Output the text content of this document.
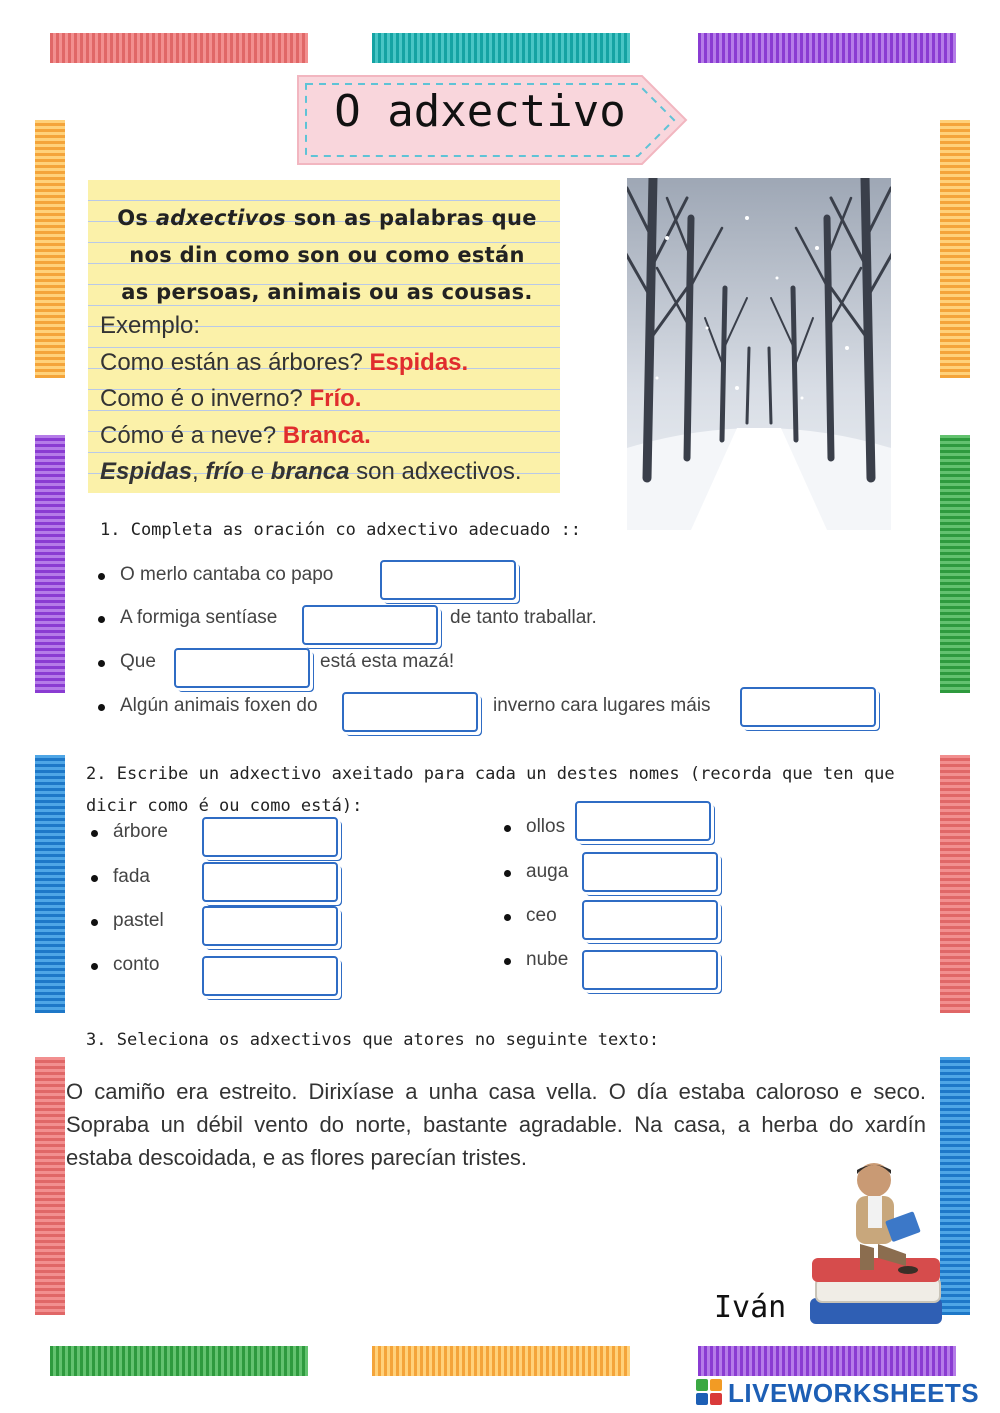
O adxectivo
Os adxectivos son as palabras que nos din como son ou como están as persoas, animais ou as cousas.
Exemplo:
Como están as árbores? Espidas.
Como é o inverno? Frío.
Cómo é a neve? Branca.
Espidas, frío e branca son adxectivos.
1. Completa as oración co adxectivo adecuado ::
O merlo cantaba co papo
A formiga sentíase	de tanto traballar.
Que	está esta mazá!
Algún animais foxen do	inverno cara lugares máis
2. Escribe un adxectivo axeitado para cada un destes nomes (recorda que ten que dicir como é ou como está):
árbore
fada
pastel
conto
ollos
auga
ceo
nube
3. Seleciona os adxectivos que atores no seguinte texto:
O camiño era estreito. Dirixíase a unha casa vella. O día estaba caloroso e seco. Sopraba un débil vento do norte, bastante agradable. Na casa, a herba do xardín estaba descoidada, e as flores parecían tristes.
Iván
LIVEWORKSHEETS
